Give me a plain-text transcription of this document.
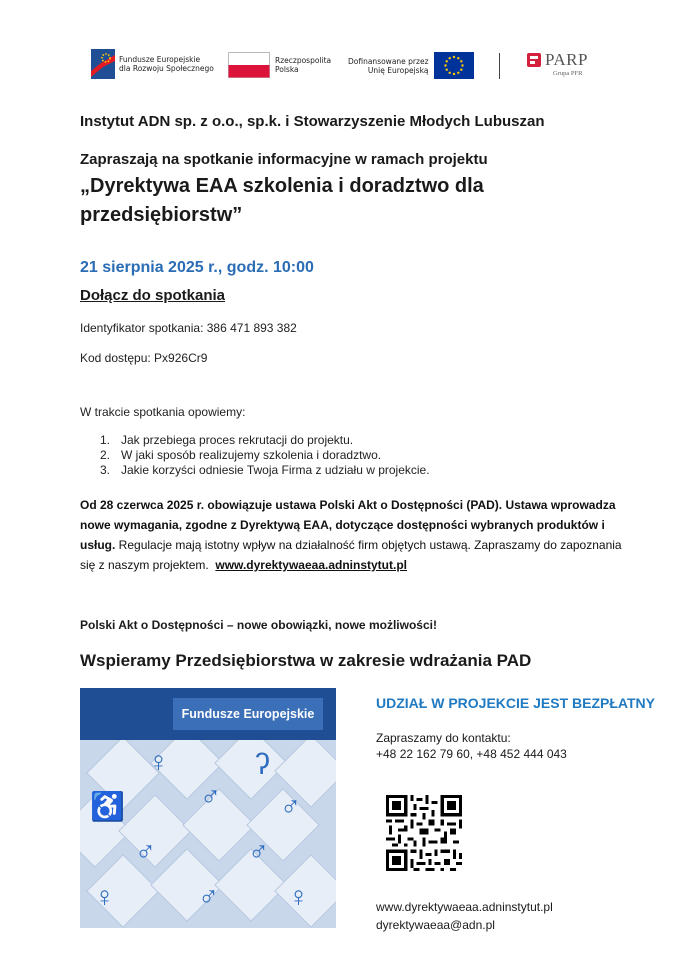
Fundusze Europejskie
dla Rozwoju Społecznego
Rzeczpospolita
Polska
Dofinansowane przez
Unię Europejską
PARP
Grupa PFR
Instytut ADN sp. z o.o., sp.k. i Stowarzyszenie Młodych Lubuszan
Zapraszają na spotkanie informacyjne w ramach projektu
„Dyrektywa EAA szkolenia i doradztwo dla przedsiębiorstw”
21 sierpnia 2025 r., godz. 10:00
Dołącz do spotkania
Identyfikator spotkania: 386 471 893 382
Kod dostępu: Px926Cr9
W trakcie spotkania opowiemy:
1. Jak przebiega proces rekrutacji do projektu.
2. W jaki sposób realizujemy szkolenia i doradztwo.
3. Jakie korzyści odniesie Twoja Firma z udziału w projekcie.
Od 28 czerwca 2025 r. obowiązuje ustawa Polski Akt o Dostępności (PAD). Ustawa wprowadza nowe wymagania, zgodne z Dyrektywą EAA, dotyczące dostępności wybranych produktów i usług. Regulacje mają istotny wpływ na działalność firm objętych ustawą. Zapraszamy do zapoznania się z naszym projektem. www.dyrektywaeaa.adninstytut.pl
Polski Akt o Dostępności – nowe obowiązki, nowe możliwości!
Wspieramy Przedsiębiorstwa w zakresie wdrażania PAD
Fundusze Europejskie
♿
♀	ʔ
♂
♂
♂
♂
♀	♂ ♀
UDZIAŁ W PROJEKCIE JEST BEZPŁATNY
Zapraszamy do kontaktu:
+48 22 162 79 60, +48 452 444 043
www.dyrektywaeaa.adninstytut.pl
dyrektywaeaa@adn.pl
